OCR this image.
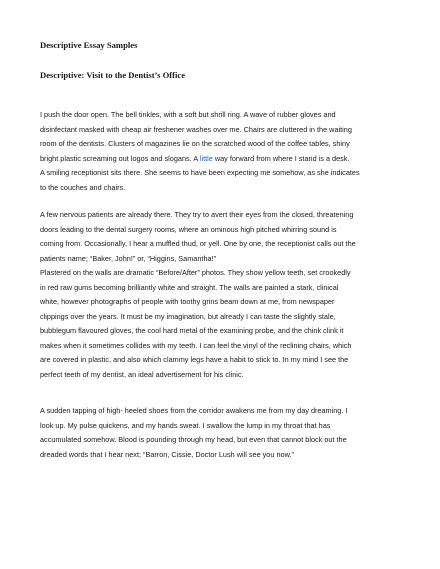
Descriptive Essay Samples
Descriptive: Visit to the Dentist’s Office
I push the door open. The bell tinkles, with a soft but shrill ring. A wave of rubber gloves and
disinfectant masked with cheap air freshener washes over me. Chairs are cluttered in the waiting
room of the dentists. Clusters of magazines lie on the scratched wood of the coffee tables, shiny
bright plastic screaming out logos and slogans. A little way forward from where I stand is a desk.
A smiling receptionist sits there. She seems to have been expecting me somehow, as she indicates
to the couches and chairs.
A few nervous patients are already there. They try to avert their eyes from the closed, threatening
doors leading to the dental surgery rooms, where an ominous high pitched whirring sound is
coming from. Occasionally, I hear a muffled thud, or yell. One by one, the receptionist calls out the
patients name; “Baker, John!” or, “Higgins, Samantha!”
Plastered on the walls are dramatic “Before/After” photos. They show yellow teeth, set crookedly
in red raw gums becoming brilliantly white and straight. The walls are painted a stark, clinical
white, however photographs of people with toothy grins beam down at me, from newspaper
clippings over the years. It must be my imagination, but already I can taste the slightly stale,
bubblegum flavoured gloves, the cool hard metal of the examining probe, and the chink clink it
makes when it sometimes collides with my teeth. I can feel the vinyl of the reclining chairs, which
are covered in plastic, and also which clammy legs have a habit to stick to. In my mind I see the
perfect teeth of my dentist, an ideal advertisement for his clinic.
A sudden tapping of high- heeled shoes from the corridor awakens me from my day dreaming. I
look up. My pulse quickens, and my hands sweat. I swallow the lump in my throat that has
accumulated somehow. Blood is pounding through my head, but even that cannot block out the
dreaded words that I hear next; “Barron, Cissie, Doctor Lush will see you now.”
